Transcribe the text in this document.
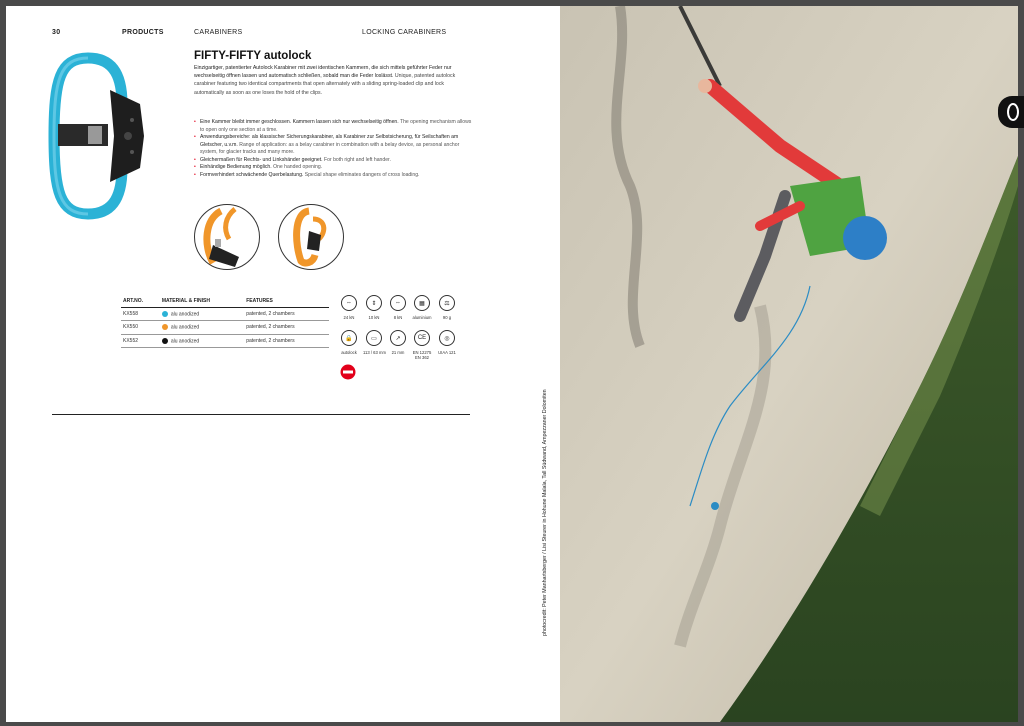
30	PRODUCTS	CARABINERS	LOCKING CARABINERS
FIFTY-FIFTY autolock
Einzigartiger, patentierter Autolock Karabiner mit zwei identischen Kammern, die sich mittels geführter Feder nur wechselseitig öffnen lassen und automatisch schließen, sobald man die Feder loslässt. Unique, patented autolock carabiner featuring two identical compartments that open alternately with a sliding spring-loaded clip and lock automatically as soon as one loses the hold of the clips.
• Eine Kammer bleibt immer geschlossen. Kammern lassen sich nur wechselseitig öffnen. The opening mechanism allows to open only one section at a time.
• Anwendungsbereiche: als klassischer Sicherungskarabiner, als Karabiner zur Selbstsicherung, für Seilschaften am Gletscher, u.v.m. Range of application: as a belay carabiner in combination with a belay device, as personal anchor system, for glacier tracks and many more.
• Gleichermaßen für Rechts- und Linkshänder geeignet. For both right and left hander.
• Einhändige Bedienung möglich. One handed opening.
• Formverhindert schwächende Querbelastung. Special shape eliminates dangers of cross loading.
ART.NO.	MATERIAL & FINISH	FEATURES
KX558	alu anodized	patented, 2 chambers
KX550	alu anodized	patented, 2 chambers
KX552	alu anodized	patented, 2 chambers
⇔
24 kN
⇕
10 kN
⇔
8 kN
▦
aluminium
⚖
90 g
🔒
autolock
▭
113 / 63 mm
↗
21 mm
CE
EN 12275
EN 362
◎
UIAA 121
photocredit: Peter Manhartsberger / Lisi Steurer in Hohune Malala, Tall Südwand, Ampezzaner Dolomiten
